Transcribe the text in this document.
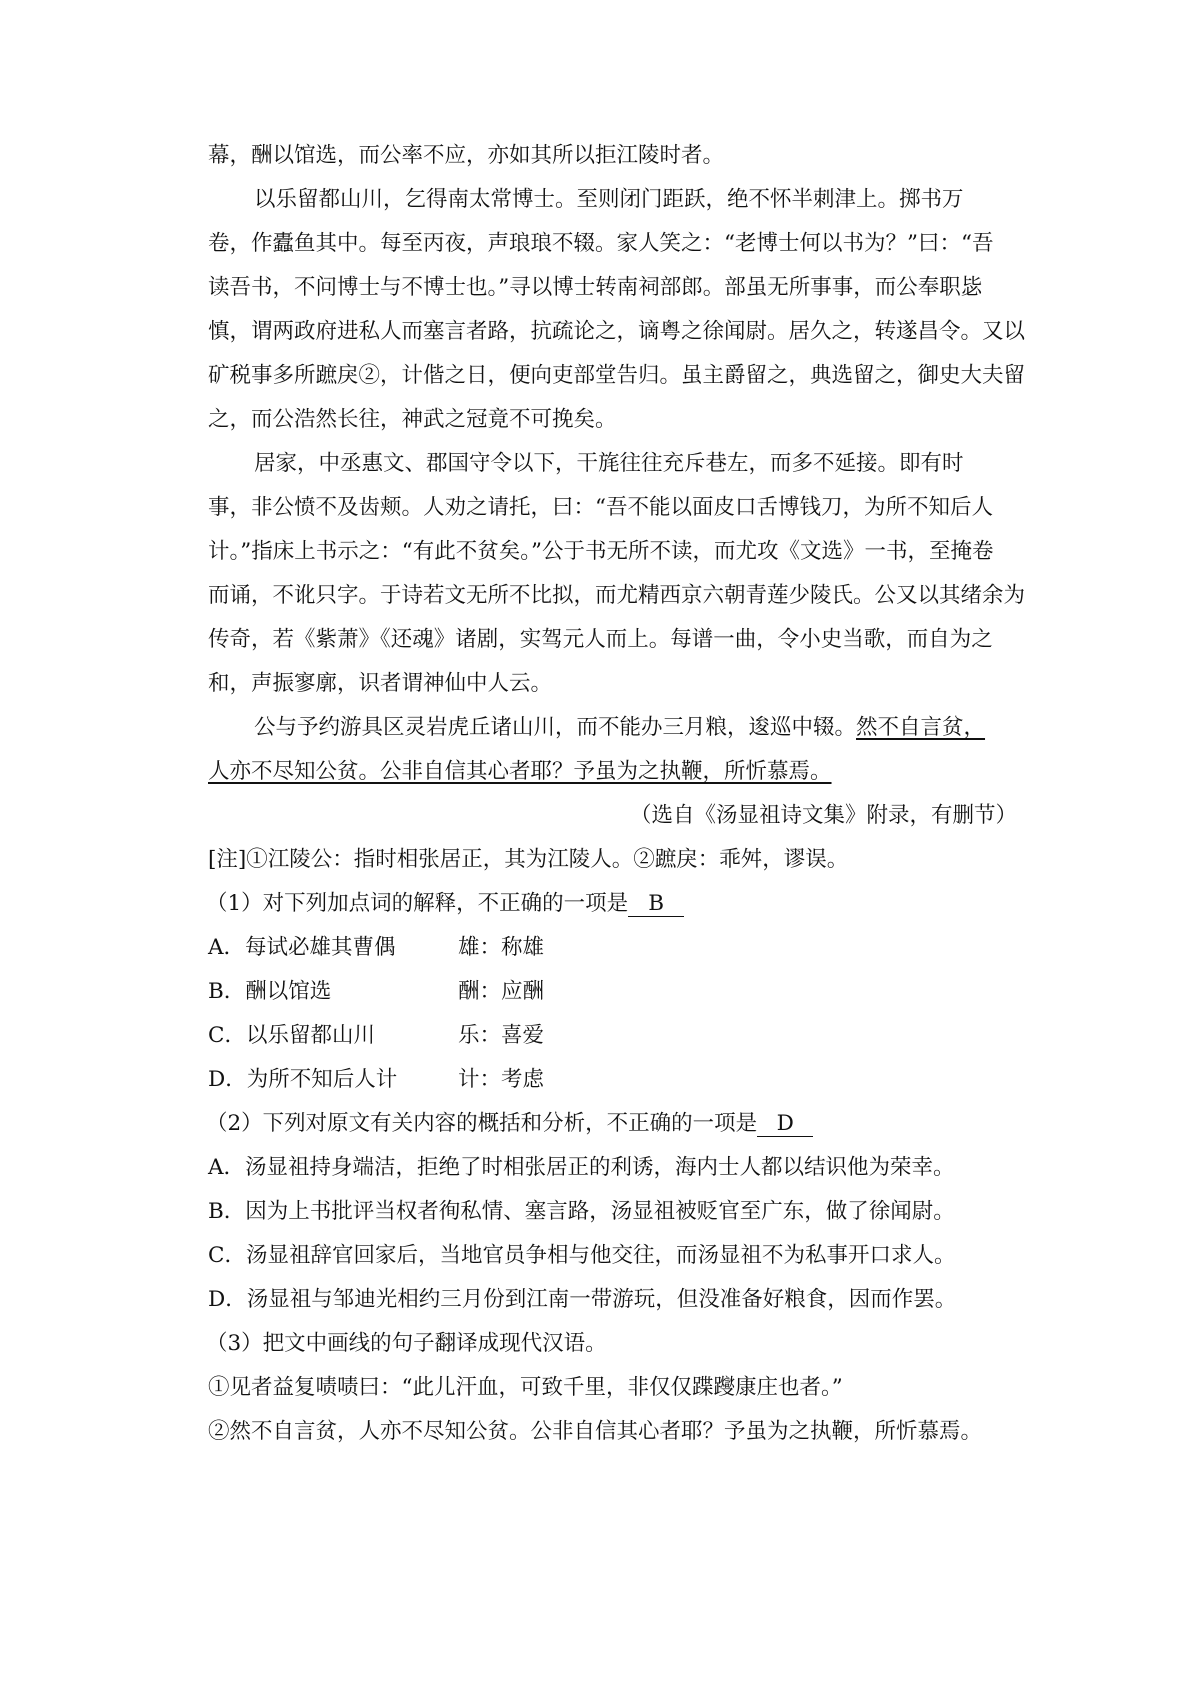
幕，酬以馆选，而公率不应，亦如其所以拒江陵时者。
以乐留都山川，乞得南太常博士。至则闭门距跃，绝不怀半刺津上。掷书万
卷，作蠹鱼其中。每至丙夜，声琅琅不辍。家人笑之：“老博士何以书为？”曰：“吾
读吾书，不问博士与不博士也。”寻以博士转南祠部郎。部虽无所事事，而公奉职毖
慎，谓两政府进私人而塞言者路，抗疏论之，谪粤之徐闻尉。居久之，转遂昌令。又以
矿税事多所蹠戾②，计偕之日，便向吏部堂告归。虽主爵留之，典选留之，御史大夫留
之，而公浩然长往，神武之冠竟不可挽矣。
居家，中丞惠文、郡国守令以下，干旄往往充斥巷左，而多不延接。即有时
事，非公愤不及齿颊。人劝之请托，曰：“吾不能以面皮口舌博钱刀，为所不知后人
计。”指床上书示之：“有此不贫矣。”公于书无所不读，而尤攻《文选》一书，至掩卷
而诵，不讹只字。于诗若文无所不比拟，而尤精西京六朝青莲少陵氏。公又以其绪余为
传奇，若《紫萧》《还魂》诸剧，实驾元人而上。每谱一曲，令小史当歌，而自为之
和，声振寥廓，识者谓神仙中人云。
公与予约游具区灵岩虎丘诸山川，而不能办三月粮，逡巡中辍。然不自言贫，
人亦不尽知公贫。公非自信其心者耶？予虽为之执鞭，所忻慕焉。
（选自《汤显祖诗文集》附录，有删节）
[注]①江陵公：指时相张居正，其为江陵人。②蹠戾：乖舛，谬误。
（1）对下列加点词的解释，不正确的一项是 B
A．每试必雄其曹偶	雄：称雄
B．酬以馆选	酬：应酬
C．以乐留都山川	乐：喜爱
D．为所不知后人计	计：考虑
（2）下列对原文有关内容的概括和分析，不正确的一项是 D
A．汤显祖持身端洁，拒绝了时相张居正的利诱，海内士人都以结识他为荣幸。
B．因为上书批评当权者徇私情、塞言路，汤显祖被贬官至广东，做了徐闻尉。
C．汤显祖辞官回家后，当地官员争相与他交往，而汤显祖不为私事开口求人。
D．汤显祖与邹迪光相约三月份到江南一带游玩，但没准备好粮食，因而作罢。
（3）把文中画线的句子翻译成现代汉语。
①见者益复啧啧曰：“此儿汗血，可致千里，非仅仅蹀躞康庄也者。”
②然不自言贫，人亦不尽知公贫。公非自信其心者耶？予虽为之执鞭，所忻慕焉。
